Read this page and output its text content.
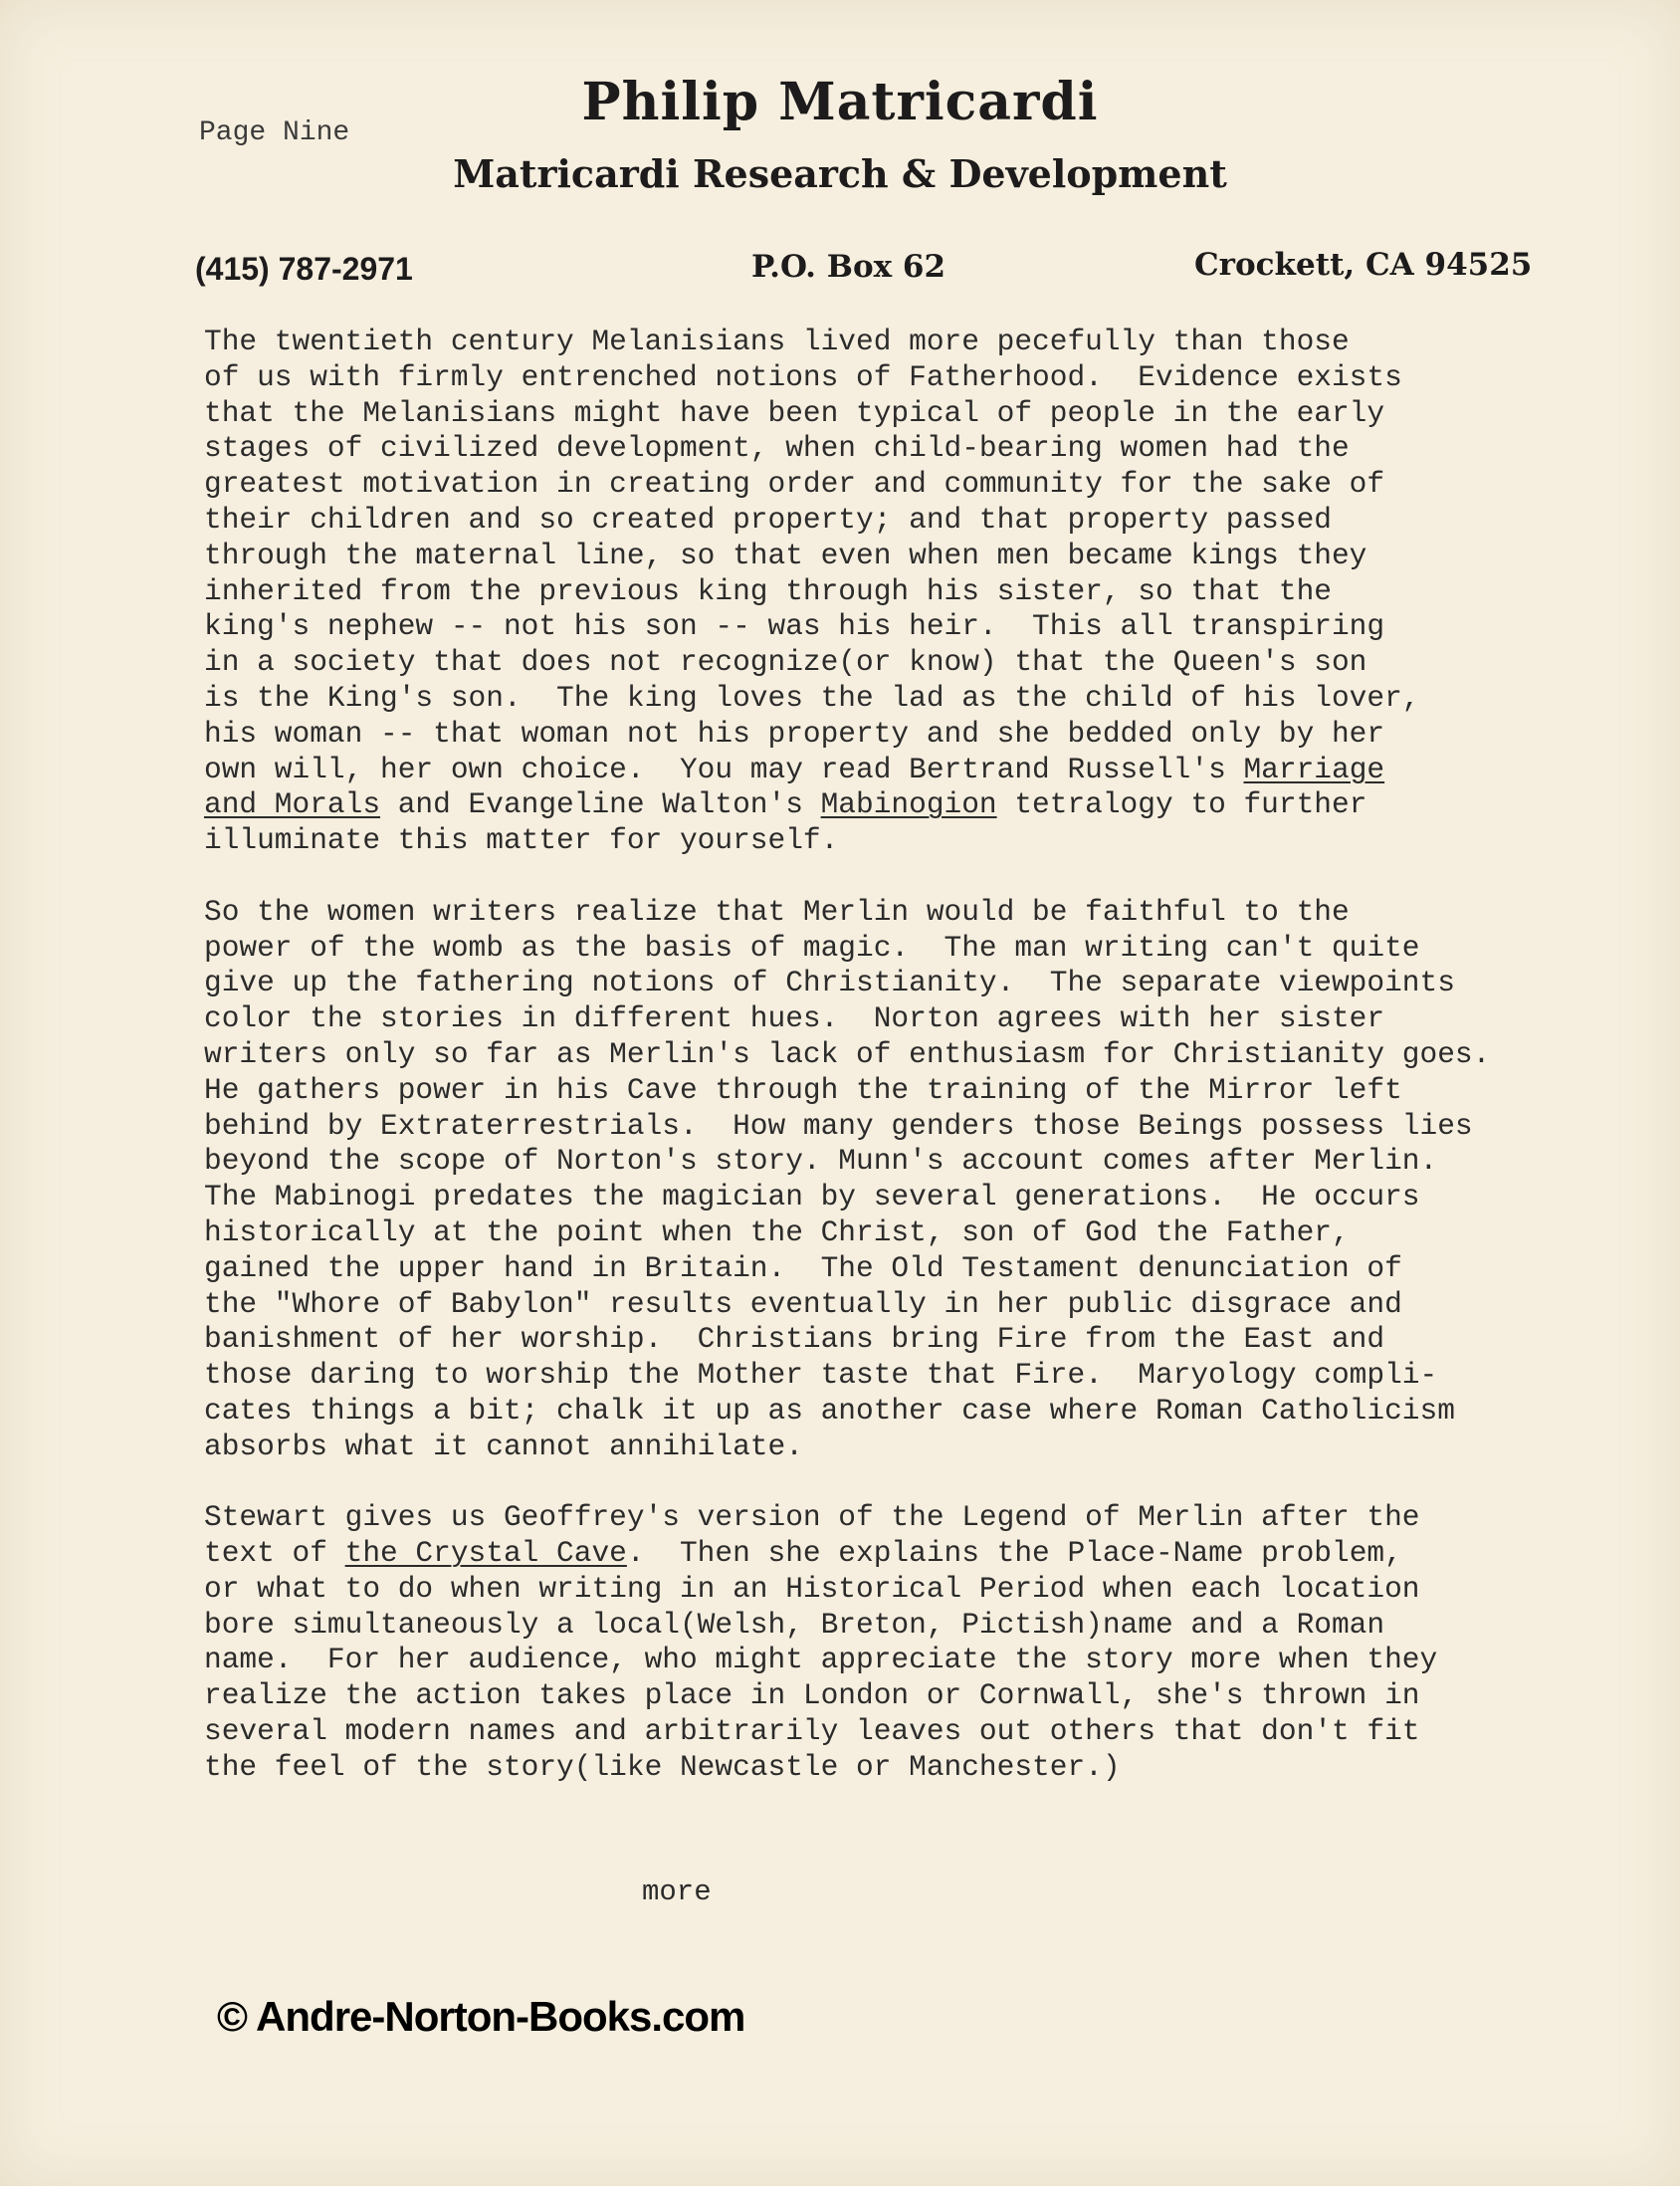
Page Nine
Philip Matricardi
Matricardi Research & Development
(415) 787-2971	P.O. Box 62	Crockett, CA 94525
The twentieth century Melanisians lived more pecefully than those
of us with firmly entrenched notions of Fatherhood.  Evidence exists
that the Melanisians might have been typical of people in the early
stages of civilized development, when child-bearing women had the
greatest motivation in creating order and community for the sake of
their children and so created property; and that property passed
through the maternal line, so that even when men became kings they
inherited from the previous king through his sister, so that the
king's nephew -- not his son -- was his heir.  This all transpiring
in a society that does not recognize(or know) that the Queen's son
is the King's son.  The king loves the lad as the child of his lover,
his woman -- that woman not his property and she bedded only by her
own will, her own choice.  You may read Bertrand Russell's Marriage
and Morals and Evangeline Walton's Mabinogion tetralogy to further
illuminate this matter for yourself.
So the women writers realize that Merlin would be faithful to the
power of the womb as the basis of magic.  The man writing can't quite
give up the fathering notions of Christianity.  The separate viewpoints
color the stories in different hues.  Norton agrees with her sister
writers only so far as Merlin's lack of enthusiasm for Christianity goes.
He gathers power in his Cave through the training of the Mirror left
behind by Extraterrestrials.  How many genders those Beings possess lies
beyond the scope of Norton's story. Munn's account comes after Merlin.
The Mabinogi predates the magician by several generations.  He occurs
historically at the point when the Christ, son of God the Father,
gained the upper hand in Britain.  The Old Testament denunciation of
the "Whore of Babylon" results eventually in her public disgrace and
banishment of her worship.  Christians bring Fire from the East and
those daring to worship the Mother taste that Fire.  Maryology compli-
cates things a bit; chalk it up as another case where Roman Catholicism
absorbs what it cannot annihilate.
Stewart gives us Geoffrey's version of the Legend of Merlin after the
text of the Crystal Cave.  Then she explains the Place-Name problem,
or what to do when writing in an Historical Period when each location
bore simultaneously a local(Welsh, Breton, Pictish)name and a Roman
name.  For her audience, who might appreciate the story more when they
realize the action takes place in London or Cornwall, she's thrown in
several modern names and arbitrarily leaves out others that don't fit
the feel of the story(like Newcastle or Manchester.)
more
© Andre-Norton-Books.com
